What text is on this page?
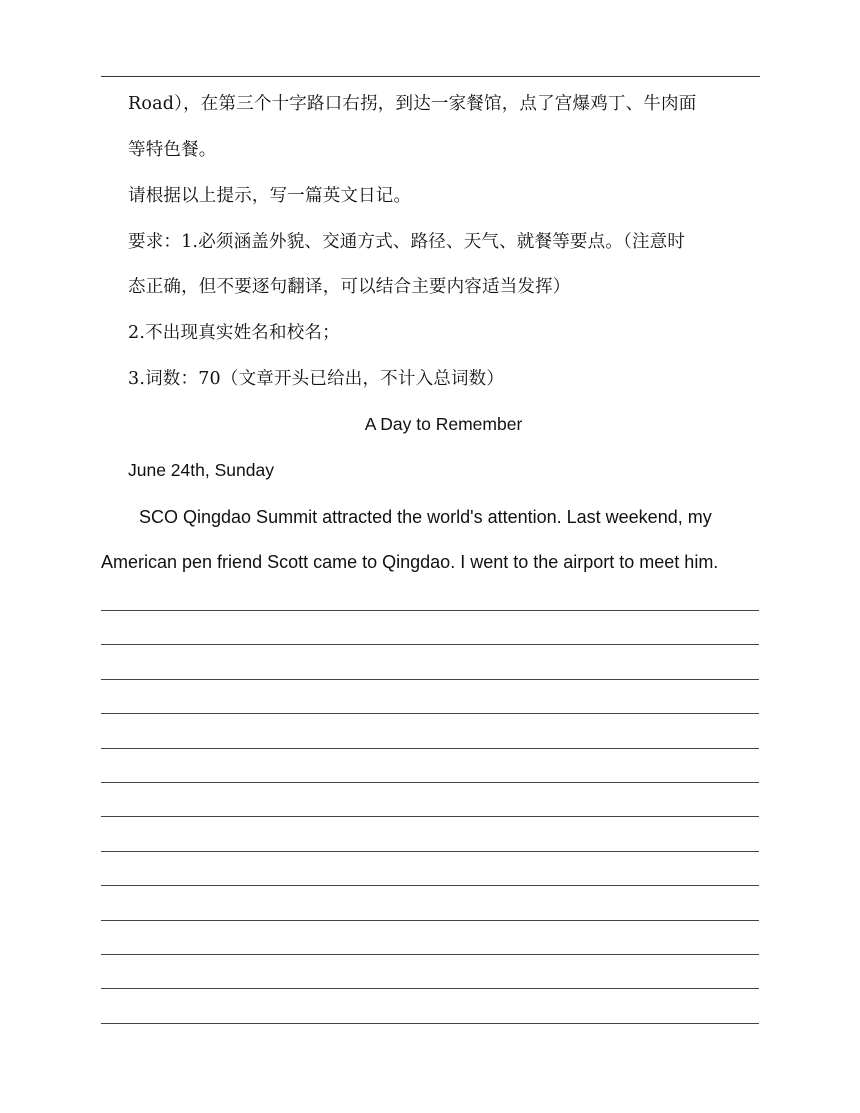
Road），在第三个十字路口右拐，到达一家餐馆，点了宫爆鸡丁、牛肉面
等特色餐。
请根据以上提示，写一篇英文日记。
要求：1.必须涵盖外貌、交通方式、路径、天气、就餐等要点。（注意时
态正确，但不要逐句翻译，可以结合主要内容适当发挥）
2.不出现真实姓名和校名；
3.词数：70（文章开头已给出，不计入总词数）
A Day to Remember
June 24th, Sunday
SCO Qingdao Summit attracted the world's attention. Last weekend, my
American pen friend Scott came to Qingdao. I went to the airport to meet him.
